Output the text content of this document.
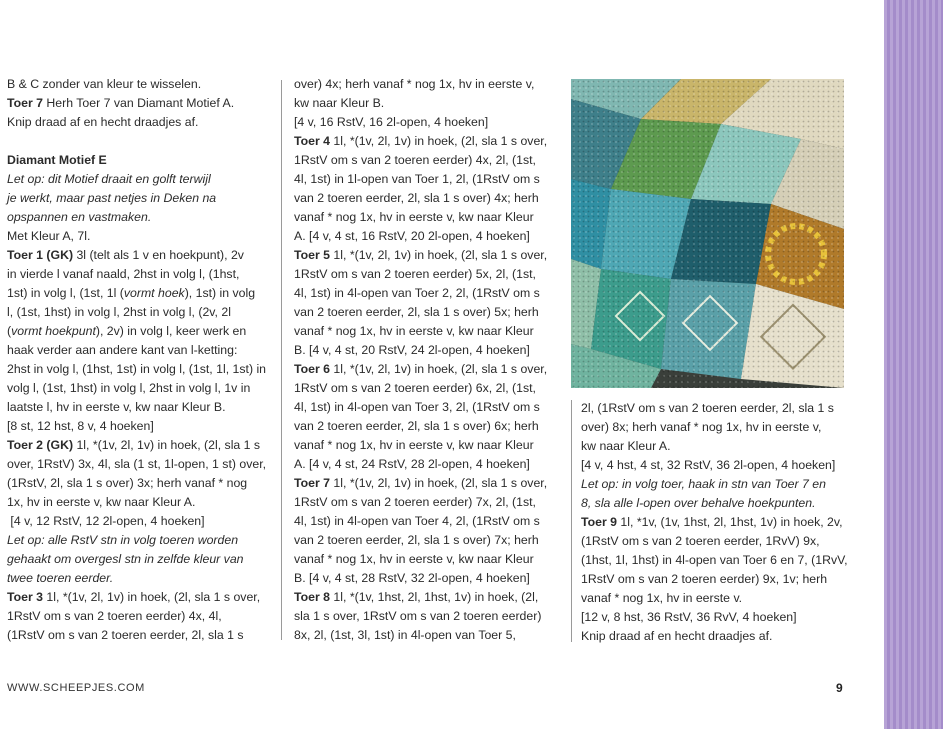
B & C zonder van kleur te wisselen.

Toer 7 Herh Toer 7 van Diamant Motief A.

Knip draad af en hecht draadjes af.

Diamant Motief E

Let op: dit Motief draait en golft terwijl

je werkt, maar past netjes in Deken na

opspannen en vastmaken.

Met Kleur A, 7l.

Toer 1 (GK) 3l (telt als 1 v en hoekpunt), 2v

in vierde l vanaf naald, 2hst in volg l, (1hst,

1st) in volg l, (1st, 1l (vormt hoek), 1st) in volg

l, (1st, 1hst) in volg l, 2hst in volg l, (2v, 2l

(vormt hoekpunt), 2v) in volg l, keer werk en

haak verder aan andere kant van l-ketting:

2hst in volg l, (1hst, 1st) in volg l, (1st, 1l, 1st) in

volg l, (1st, 1hst) in volg l, 2hst in volg l, 1v in

laatste l, hv in eerste v, kw naar Kleur B.

[8 st, 12 hst, 8 v, 4 hoeken]

Toer 2 (GK) 1l, *(1v, 2l, 1v) in hoek, (2l, sla 1 s

over, 1RstV) 3x, 4l, sla (1 st, 1l-open, 1 st) over,

(1RstV, 2l, sla 1 s over) 3x; herh vanaf * nog

1x, hv in eerste v, kw naar Kleur A.

[4 v, 12 RstV, 12 2l-open, 4 hoeken]

Let op: alle RstV stn in volg toeren worden

gehaakt om overgesl stn in zelfde kleur van

twee toeren eerder.

Toer 3 1l, *(1v, 2l, 1v) in hoek, (2l, sla 1 s over,

1RstV om s van 2 toeren eerder) 4x, 4l,

(1RstV om s van 2 toeren eerder, 2l, sla 1 s

over) 4x; herh vanaf * nog 1x, hv in eerste v,

kw naar Kleur B.

[4 v, 16 RstV, 16 2l-open, 4 hoeken]

Toer 4 1l, *(1v, 2l, 1v) in hoek, (2l, sla 1 s over,

1RstV om s van 2 toeren eerder) 4x, 2l, (1st,

4l, 1st) in 1l-open van Toer 1, 2l, (1RstV om s

van 2 toeren eerder, 2l, sla 1 s over) 4x; herh

vanaf * nog 1x, hv in eerste v, kw naar Kleur

A. [4 v, 4 st, 16 RstV, 20 2l-open, 4 hoeken]

Toer 5 1l, *(1v, 2l, 1v) in hoek, (2l, sla 1 s over,

1RstV om s van 2 toeren eerder) 5x, 2l, (1st,

4l, 1st) in 4l-open van Toer 2, 2l, (1RstV om s

van 2 toeren eerder, 2l, sla 1 s over) 5x; herh

vanaf * nog 1x, hv in eerste v, kw naar Kleur

B. [4 v, 4 st, 20 RstV, 24 2l-open, 4 hoeken]

Toer 6 1l, *(1v, 2l, 1v) in hoek, (2l, sla 1 s over,

1RstV om s van 2 toeren eerder) 6x, 2l, (1st,

4l, 1st) in 4l-open van Toer 3, 2l, (1RstV om s

van 2 toeren eerder, 2l, sla 1 s over) 6x; herh

vanaf * nog 1x, hv in eerste v, kw naar Kleur

A. [4 v, 4 st, 24 RstV, 28 2l-open, 4 hoeken]

Toer 7 1l, *(1v, 2l, 1v) in hoek, (2l, sla 1 s over,

1RstV om s van 2 toeren eerder) 7x, 2l, (1st,

4l, 1st) in 4l-open van Toer 4, 2l, (1RstV om s

van 2 toeren eerder, 2l, sla 1 s over) 7x; herh

vanaf * nog 1x, hv in eerste v, kw naar Kleur

B. [4 v, 4 st, 28 RstV, 32 2l-open, 4 hoeken]

Toer 8 1l, *(1v, 1hst, 2l, 1hst, 1v) in hoek, (2l,

sla 1 s over, 1RstV om s van 2 toeren eerder)

8x, 2l, (1st, 3l, 1st) in 4l-open van Toer 5,

2l, (1RstV om s van 2 toeren eerder, 2l, sla 1 s

over) 8x; herh vanaf * nog 1x, hv in eerste v,

kw naar Kleur A.

[4 v, 4 hst, 4 st, 32 RstV, 36 2l-open, 4 hoeken]

Let op: in volg toer, haak in stn van Toer 7 en

8, sla alle l-open over behalve hoekpunten.

Toer 9 1l, *1v, (1v, 1hst, 2l, 1hst, 1v) in hoek, 2v,

(1RstV om s van 2 toeren eerder, 1RvV) 9x,

(1hst, 1l, 1hst) in 4l-open van Toer 6 en 7, (1RvV,

1RstV om s van 2 toeren eerder) 9x, 1v; herh

vanaf * nog 1x, hv in eerste v.

[12 v, 8 hst, 36 RstV, 36 RvV, 4 hoeken]

Knip draad af en hecht draadjes af.

WWW.SCHEEPJES.COM	9
